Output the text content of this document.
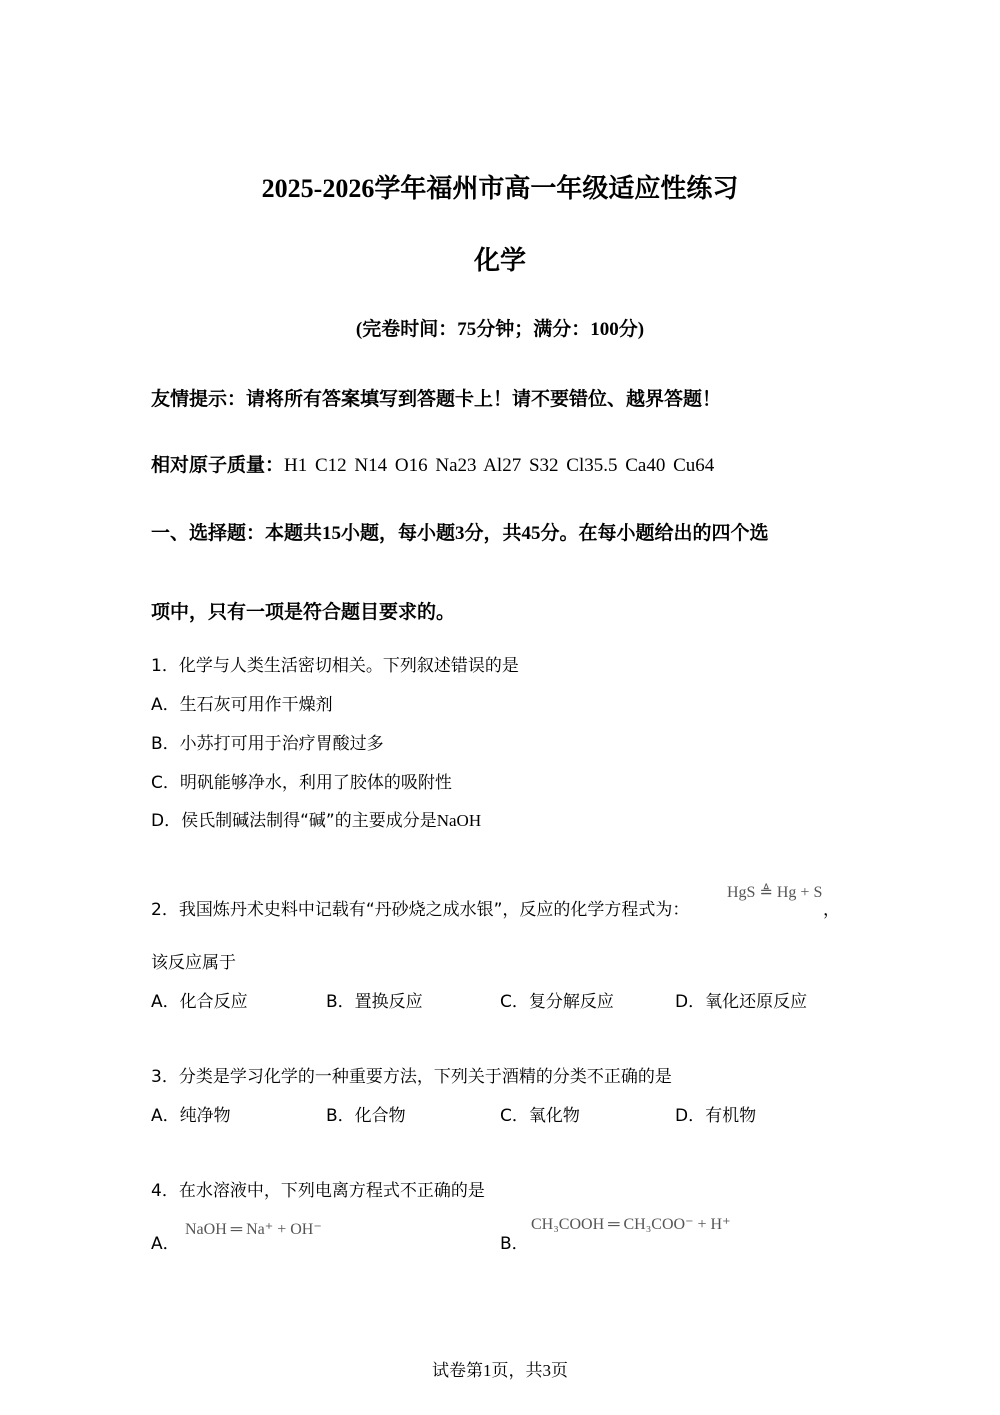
2025-2026学年福州市高一年级适应性练习
化学
(完卷时间：75分钟；满分：100分)
友情提示：请将所有答案填写到答题卡上！请不要错位、越界答题！
相对原子质量：H1 C12 N14 O16 Na23 Al27 S32 Cl35.5 Ca40 Cu64
一、选择题：本题共15小题，每小题3分，共45分。在每小题给出的四个选
项中，只有一项是符合题目要求的。
1．化学与人类生活密切相关。下列叙述错误的是
A．生石灰可用作干燥剂
B．小苏打可用于治疗胃酸过多
C．明矾能够净水，利用了胶体的吸附性
D．侯氏制碱法制得“碱”的主要成分是NaOH
2．我国炼丹术史料中记载有“丹砂烧之成水银”，反应的化学方程式为：
HgS ≜ Hg + S
，
该反应属于
A．化合反应	B．置换反应	C．复分解反应	D．氧化还原反应
3．分类是学习化学的一种重要方法，下列关于酒精的分类不正确的是
A．纯净物	B．化合物	C．氧化物	D．有机物
4．在水溶液中，下列电离方程式不正确的是
A．
NaOH ═ Na⁺ + OH⁻
B．
CH₃COOH ═ CH₃COO⁻ + H⁺
试卷第1页，共3页
